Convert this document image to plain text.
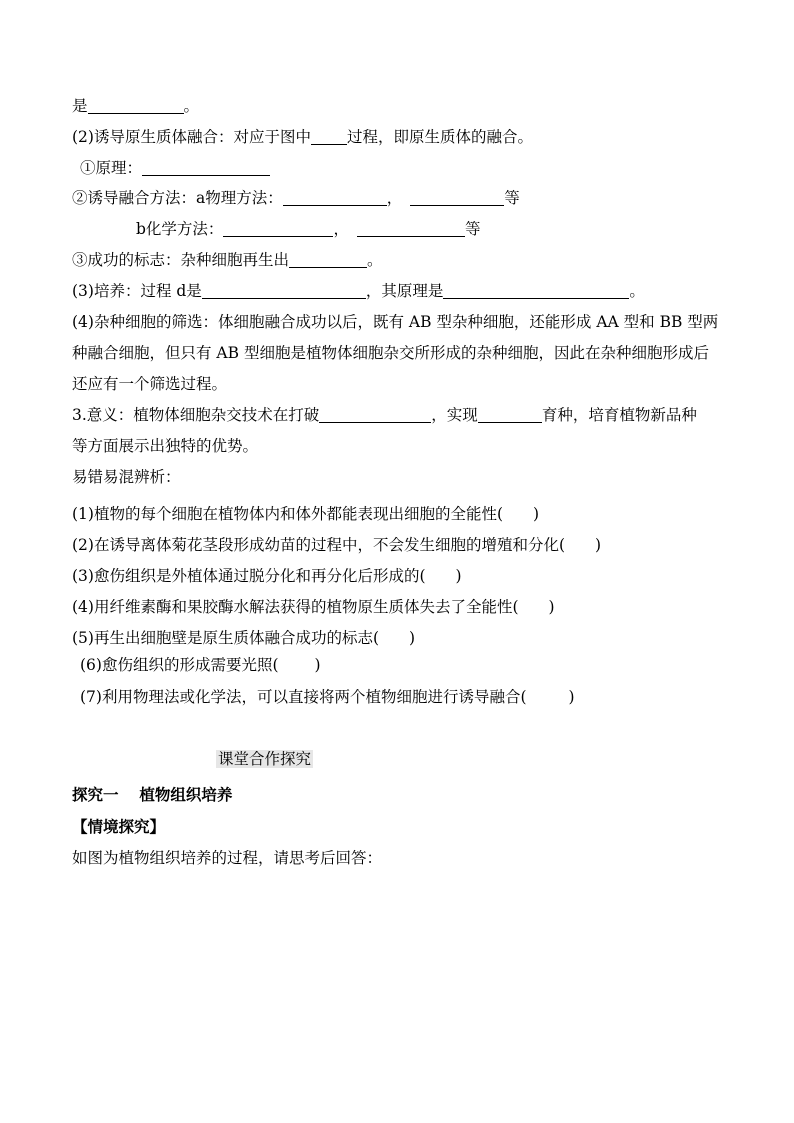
是	。
(2)诱导原生质体融合：对应于图中 过程，即原生质体的融合。
①原理：
②诱导融合方法：a物理方法：	，	等
b化学方法：	，	等
③成功的标志：杂种细胞再生出	。
(3)培养：过程 d是	，其原理是	。
(4)杂种细胞的筛选：体细胞融合成功以后，既有 AB 型杂种细胞，还能形成 AA 型和 BB 型两
种融合细胞，但只有 AB 型细胞是植物体细胞杂交所形成的杂种细胞，因此在杂种细胞形成后
还应有一个筛选过程。
3.意义：植物体细胞杂交技术在打破	，实现	育种，培育植物新品种
等方面展示出独特的优势。
易错易混辨析：
(1)植物的每个细胞在植物体内和体外都能表现出细胞的全能性( )
(2)在诱导离体菊花茎段形成幼苗的过程中，不会发生细胞的增殖和分化( )
(3)愈伤组织是外植体通过脱分化和再分化后形成的( )
(4)用纤维素酶和果胶酶水解法获得的植物原生质体失去了全能性( )
(5)再生出细胞壁是原生质体融合成功的标志( )
(6)愈伤组织的形成需要光照( )
(7)利用物理法或化学法，可以直接将两个植物细胞进行诱导融合(	)
课堂合作探究
探究一　 植物组织培养
【情境探究】
如图为植物组织培养的过程，请思考后回答：
